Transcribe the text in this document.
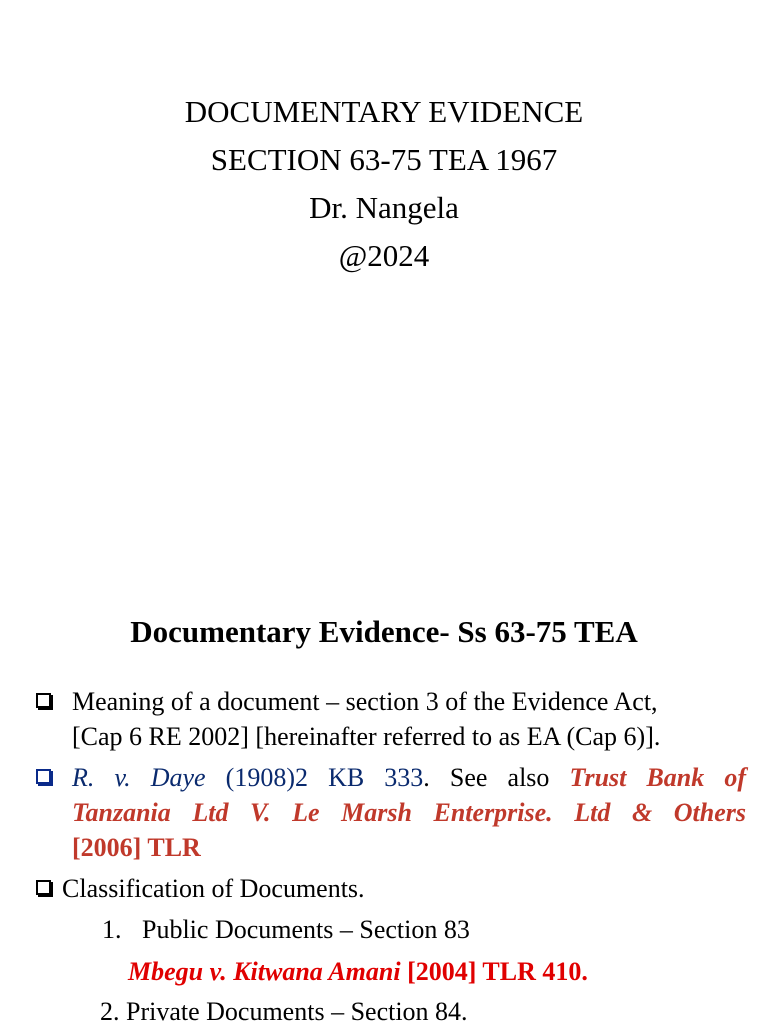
DOCUMENTARY EVIDENCE
SECTION 63-75 TEA 1967
Dr. Nangela
@2024
Documentary Evidence- Ss 63-75 TEA
Meaning of a document – section 3 of the Evidence Act,
[Cap 6 RE 2002] [hereinafter referred to as EA (Cap 6)].
R. v. Daye (1908)2 KB 333. See also Trust Bank of
Tanzania Ltd V. Le Marsh Enterprise. Ltd & Others
[2006] TLR
Classification of Documents.
1. Public Documents – Section 83
Mbegu v. Kitwana Amani [2004] TLR 410.
2. Private Documents – Section 84.
